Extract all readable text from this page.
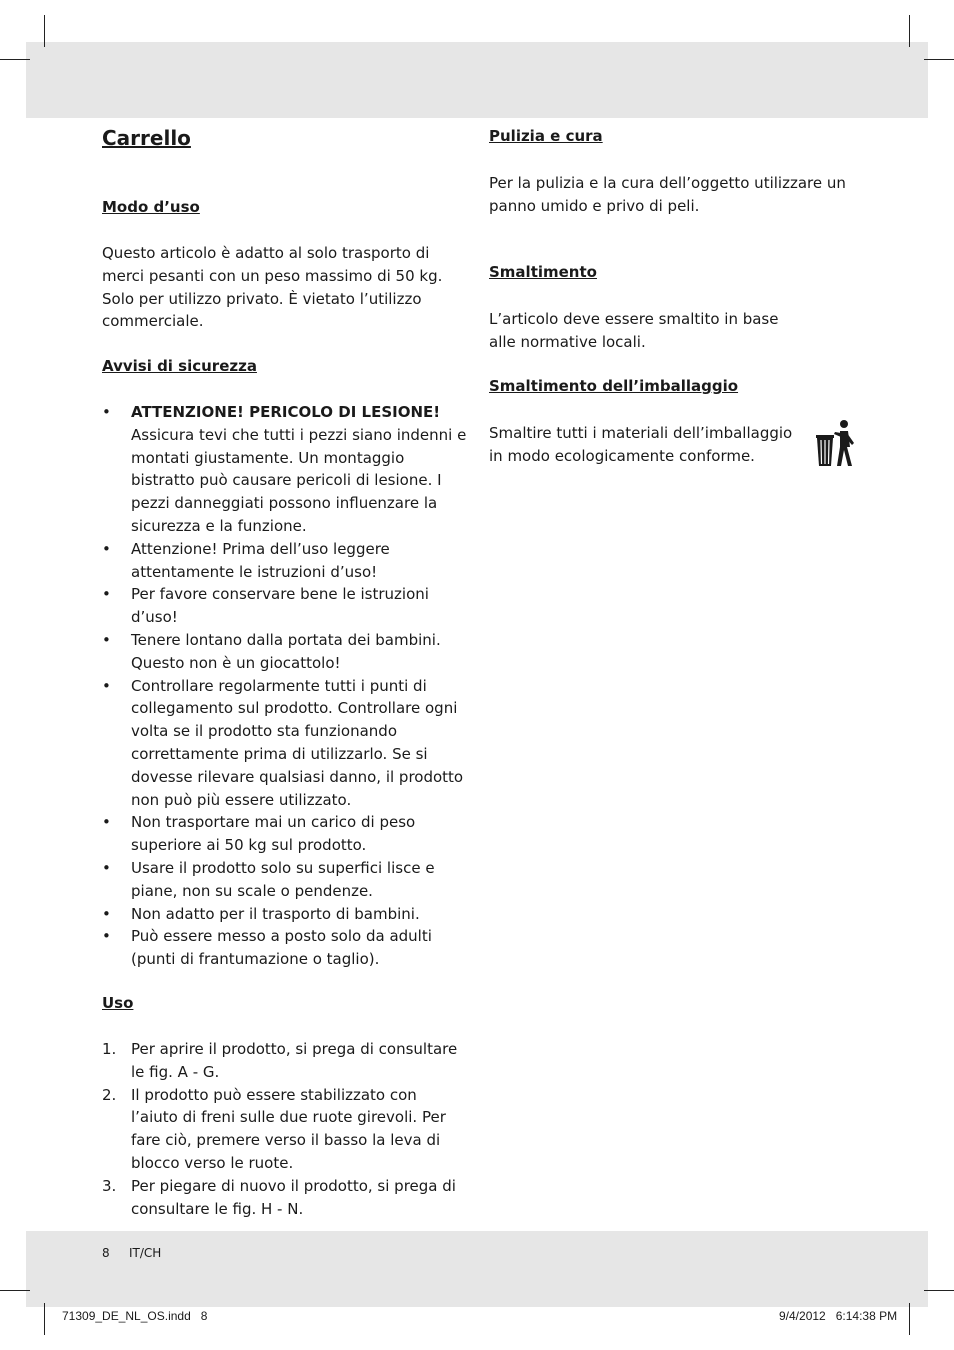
Carrello
Modo d’uso

Questo articolo è adatto al solo trasporto di merci pesanti con un peso massimo di 50 kg. Solo per utilizzo privato. È vietato l’utilizzo commerciale.

Avvisi di sicurezza
• ATTENZIONE! PERICOLO DI LESIONE!
Assicura tevi che tutti i pezzi siano indenni e montati giustamente. Un montaggio bistratto può causare pericoli di lesione. I pezzi danneggiati possono influenzare la sicurezza e la funzione.
• Attenzione! Prima dell’uso leggere attentamente le istruzioni d’uso!
• Per favore conservare bene le istruzioni d’uso!
• Tenere lontano dalla portata dei bambini. Questo non è un giocattolo!
• Controllare regolarmente tutti i punti di collegamento sul prodotto. Controllare ogni volta se il prodotto sta funzionando correttamente prima di utilizzarlo. Se si dovesse rilevare qualsiasi danno, il prodotto non può più essere utilizzato.
• Non trasportare mai un carico di peso superiore ai 50 kg sul prodotto.
• Usare il prodotto solo su superfici lisce e piane, non su scale o pendenze.
• Non adatto per il trasporto di bambini.
• Può essere messo a posto solo da adulti (punti di frantumazione o taglio).
Uso
1. Per aprire il prodotto, si prega di consultare le fig. A - G.
2. Il prodotto può essere stabilizzato con l’aiuto di freni sulle due ruote girevoli. Per fare ciò, premere verso il basso la leva di blocco verso le ruote.
3. Per piegare di nuovo il prodotto, si prega di consultare le fig. H - N.
Pulizia e cura

Per la pulizia e la cura dell’oggetto utilizzare un panno umido e privo di peli.

Smaltimento

L’articolo deve essere smaltito in base alle normative locali.

Smaltimento dell’imballaggio

Smaltire tutti i materiali dell’imballaggio in modo ecologicamente conforme.

8 IT/CH
71309_DE_NL_OS.indd   8	9/4/2012   6:14:38 PM
